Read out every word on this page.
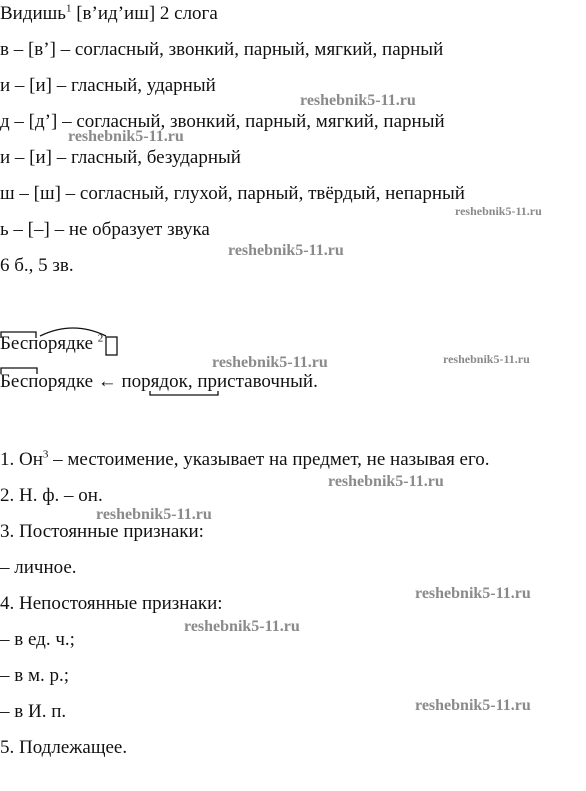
Видишь$^1$ [в’ид’иш] 2 слога
в – [в’] – согласный, звонкий, парный, мягкий, парный
и – [и] – гласный, ударный
д – [д’] – согласный, звонкий, парный, мягкий, парный
и – [и] – гласный, безударный
ш – [ш] – согласный, глухой, парный, твёрдый, непарный
ь – [–] – не образует звука
6 б., 5 зв.
Беспорядке $^2$
Беспорядке ← порядок, приставочный.
1. $Он^3$ – местоимение, указывает на предмет, не называя его.
2. Н. ф. – он.
3. Постоянные признаки:
– личное.
4. Непостоянные признаки:
– в ед. ч.;
– в м. р.;
– в И. п.
5. Подлежащее.
reshebnik5-11.ru
reshebnik5-11.ru
reshebnik5-11.ru
reshebnik5-11.ru
reshebnik5-11.ru	reshebnik5-11.ru
reshebnik5-11.ru
reshebnik5-11.ru
reshebnik5-11.ru
reshebnik5-11.ru
reshebnik5-11.ru
